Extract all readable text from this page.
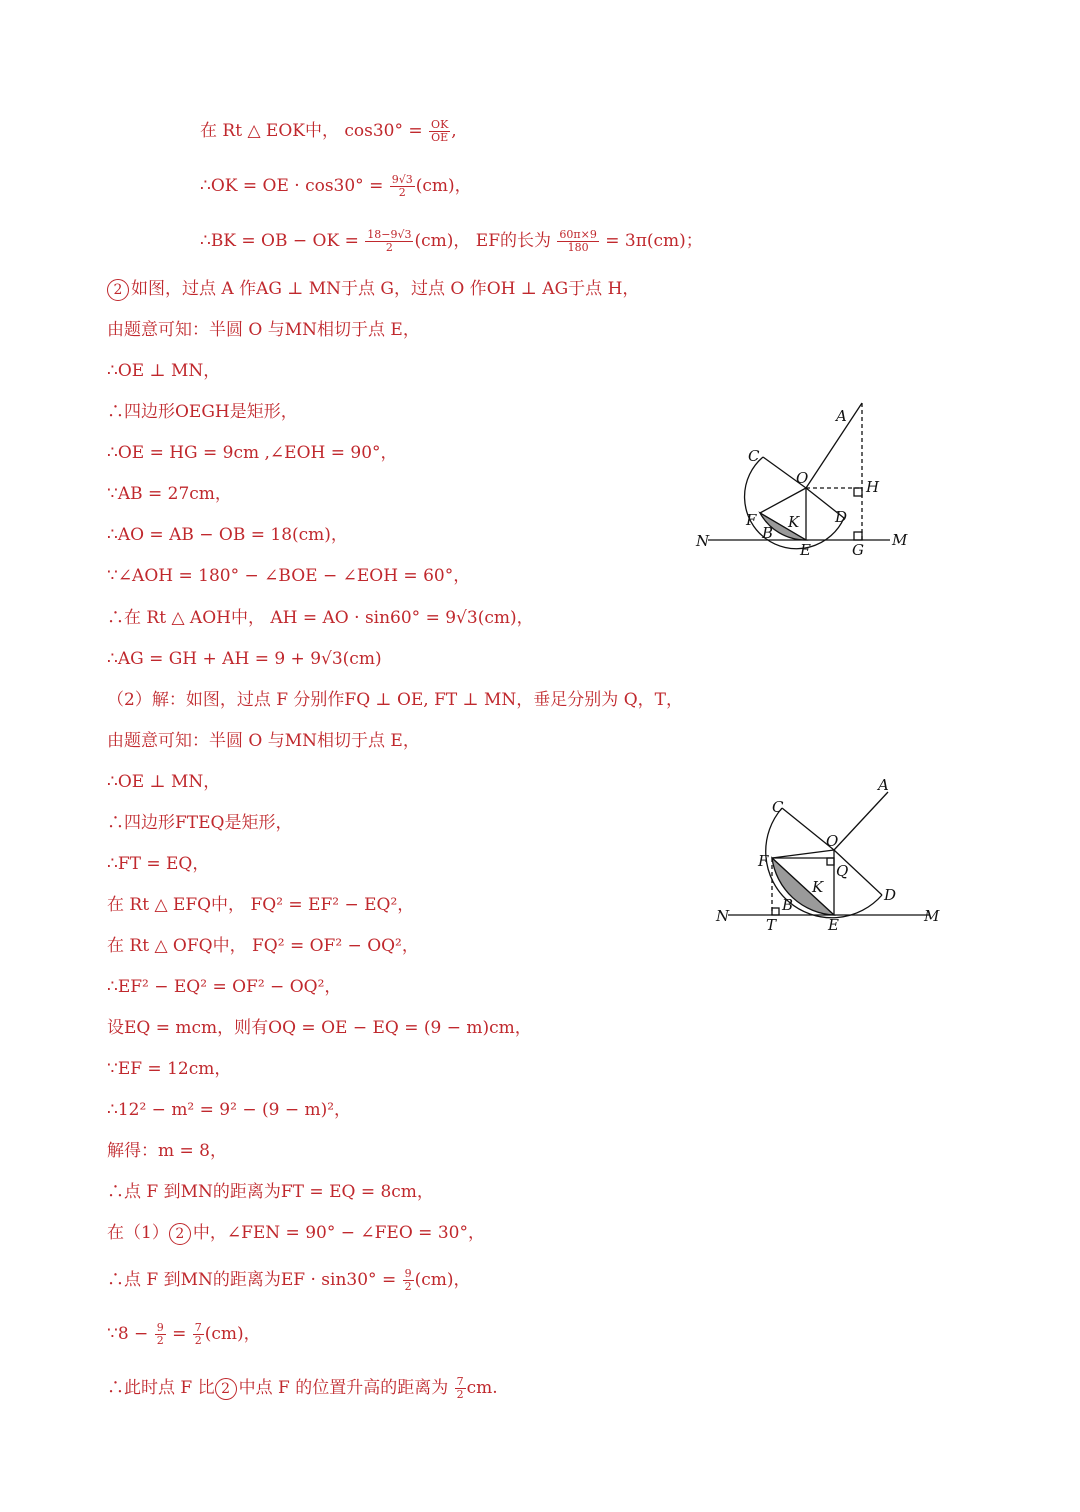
在 Rt △ EOK中， $\cos 30^\circ = \frac{OK}{OE}$ ,
∴OK = OE · $\cos 30^\circ = \frac{9√3}{2} (cm)$，
∴BK = OB − OK = $\frac{18-9√3}{2} (cm)$， EF的长为 $\frac{60\pi\times 9}{180} = 3\pi(cm)$；
2 如图，过点 A 作AG ⊥ MN于点 G，过点 O 作OH ⊥ AG于点 H，
由题意可知：半圆 O 与MN相切于点 E，
∴OE ⊥ MN，
∴四边形OEGH是矩形，
∴OE = HG = 9cm ,∠EOH = 90°，
∵AB = 27cm，
∴AO = AB − OB = 18(cm)，
∵∠AOH = 180° − ∠BOE − ∠EOH = 60°，
∴在 Rt △ AOH中， AH = AO · sin60° = 9√3(cm)，
∴AG = GH + AH = 9 + 9√3(cm)
（2）解：如图，过点 F 分别作FQ ⊥ OE, FT ⊥ MN，垂足分别为 Q，T，
由题意可知：半圆 O 与MN相切于点 E，
∴OE ⊥ MN，
∴四边形FTEQ是矩形，
∴FT = EQ，
在 Rt △ EFQ中， FQ² = EF² − EQ²，
在 Rt △ OFQ中， FQ² = OF² − OQ²，
∴EF² − EQ² = OF² − OQ²，
设EQ = mcm，则有OQ = OE − EQ = (9 − m)cm，
∵EF = 12cm，
∴12² − m² = 9² − (9 − m)²，
解得：m = 8，
∴点 F 到MN的距离为FT = EQ = 8cm，
在（1） 2 中，∠FEN = 90° − ∠FEO = 30°，
∴点 F 到MN的距离为EF · $\sin 30^\circ = \frac{9}{2} (cm)$，
∵8 − $\frac{9}{2} = \frac{7}{2} (cm)$，
∴此时点 F 比 2 中点 F 的位置升高的距离为 $\frac{7}{2}$ cm.
A
C
O	H
F K D
N	B
E	G
M
A
C
O
F
Q
K	D
N
B
T	E	M
